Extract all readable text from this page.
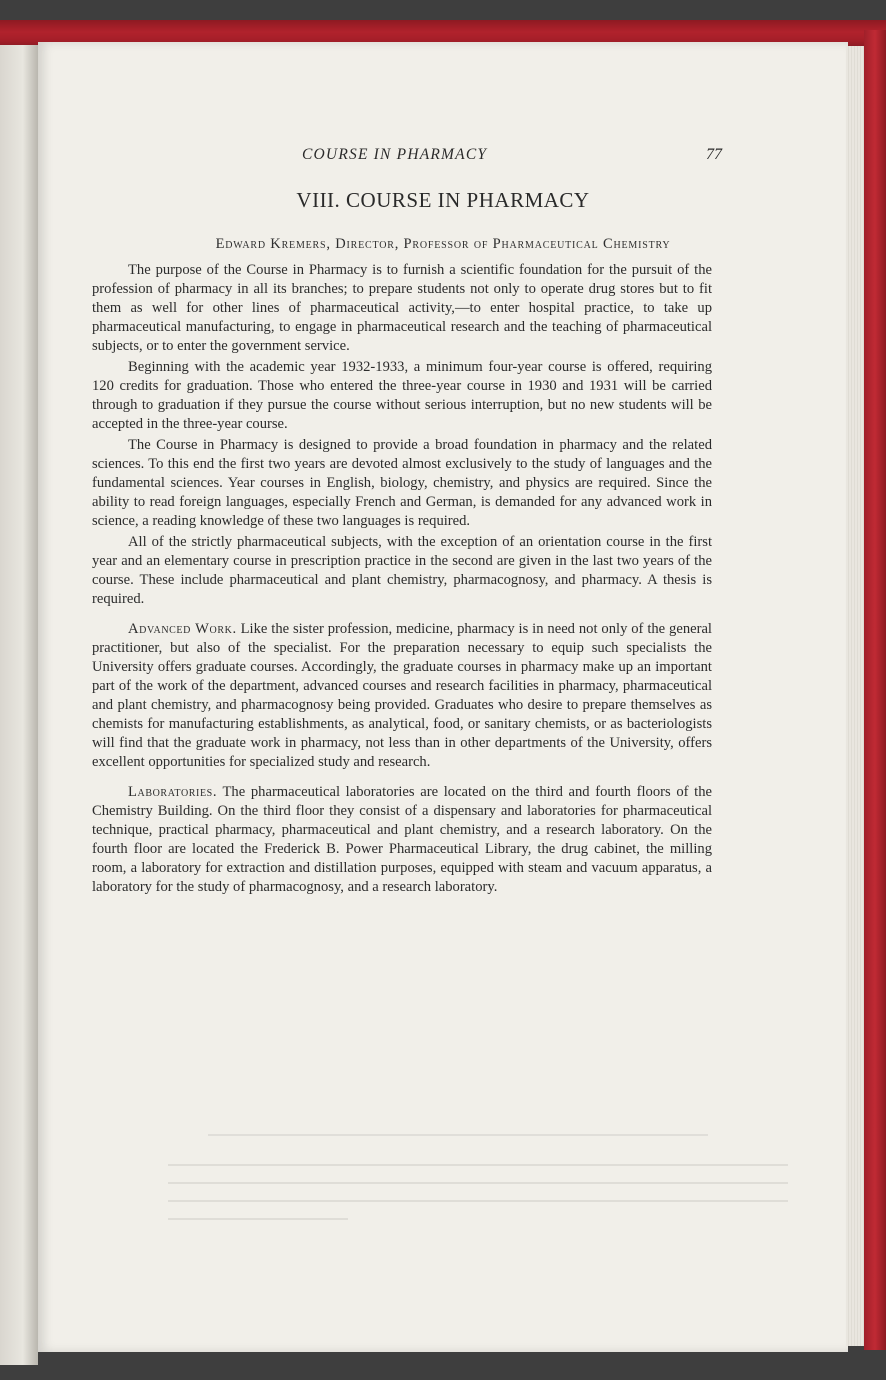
COURSE IN PHARMACY	77
VIII. COURSE IN PHARMACY
Edward Kremers, Director, Professor of Pharmaceutical Chemistry

The purpose of the Course in Pharmacy is to furnish a scientific foundation for the pursuit of the profession of pharmacy in all its branches; to prepare students not only to operate drug stores but to fit them as well for other lines of pharmaceutical activity,—to enter hospital practice, to take up pharmaceutical manufacturing, to engage in pharmaceutical research and the teaching of pharmaceutical subjects, or to enter the government service.

Beginning with the academic year 1932-1933, a minimum four-year course is offered, requiring 120 credits for graduation. Those who entered the three-year course in 1930 and 1931 will be carried through to graduation if they pursue the course without serious interruption, but no new students will be accepted in the three-year course.

The Course in Pharmacy is designed to provide a broad foundation in pharmacy and the related sciences. To this end the first two years are devoted almost exclusively to the study of languages and the fundamental sciences. Year courses in English, biology, chemistry, and physics are required. Since the ability to read foreign languages, especially French and German, is demanded for any advanced work in science, a reading knowledge of these two languages is required.

All of the strictly pharmaceutical subjects, with the exception of an orientation course in the first year and an elementary course in prescription practice in the second are given in the last two years of the course. These include pharmaceutical and plant chemistry, pharmacognosy, and pharmacy. A thesis is required.

Advanced Work. Like the sister profession, medicine, pharmacy is in need not only of the general practitioner, but also of the specialist. For the preparation necessary to equip such specialists the University offers graduate courses. Accordingly, the graduate courses in pharmacy make up an important part of the work of the department, advanced courses and research facilities in pharmacy, pharmaceutical and plant chemistry, and pharmacognosy being provided. Graduates who desire to prepare themselves as chemists for manufacturing establishments, as analytical, food, or sanitary chemists, or as bacteriologists will find that the graduate work in pharmacy, not less than in other departments of the University, offers excellent opportunities for specialized study and research.

Laboratories. The pharmaceutical laboratories are located on the third and fourth floors of the Chemistry Building. On the third floor they consist of a dispensary and laboratories for pharmaceutical technique, practical pharmacy, pharmaceutical and plant chemistry, and a research laboratory. On the fourth floor are located the Frederick B. Power Pharmaceutical Library, the drug cabinet, the milling room, a laboratory for extraction and distillation purposes, equipped with steam and vacuum apparatus, a laboratory for the study of pharmacognosy, and a research laboratory.
